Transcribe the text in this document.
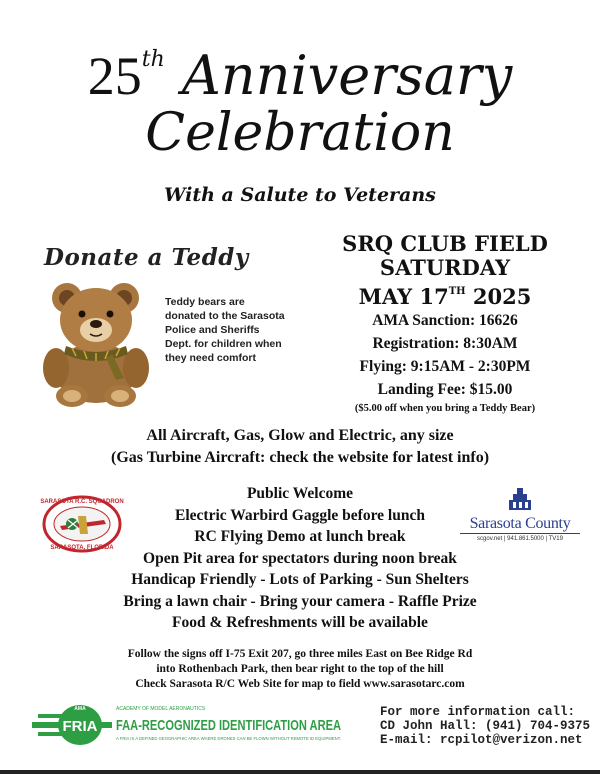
25th Anniversary
Celebration
With a Salute to Veterans
Donate a Teddy
Teddy bears are donated to the Sarasota Police and Sheriffs Dept. for children when they need comfort
SRQ CLUB FIELD
SATURDAY
MAY 17TH 2025
AMA Sanction: 16626
Registration: 8:30AM
Flying: 9:15AM - 2:30PM
Landing Fee: $15.00
($5.00 off when you bring a Teddy Bear)
All Aircraft, Gas, Glow and Electric, any size
(Gas Turbine Aircraft: check the website for latest info)
SARASOTA R.C. SQUADRON
SARASOTA, FLORIDA
Public Welcome
Electric Warbird Gaggle before lunch
RC Flying Demo at lunch break
Open Pit area for spectators during noon break
Handicap Friendly - Lots of Parking - Sun Shelters
Bring a lawn chair - Bring your camera - Raffle Prize
Food & Refreshments will be available
Sarasota County
scgov.net | 941.861.5000 | TV19
Follow the signs off I-75 Exit 207, go three miles East on Bee Ridge Rd
into Rothenbach Park, then bear right to the top of the hill
Check Sarasota R/C Web Site for map to field www.sarasotarc.com
AMA
FRIA
ACADEMY OF MODEL AERONAUTICS
FAA-RECOGNIZED IDENTIFICATION AREA
A FRIA IS A DEFINED GEOGRAPHIC AREA WHERE DRONES CAN BE FLOWN WITHOUT REMOTE ID EQUIPMENT.
For more information call:
CD John Hall: (941) 704-9375
E-mail: rcpilot@verizon.net
